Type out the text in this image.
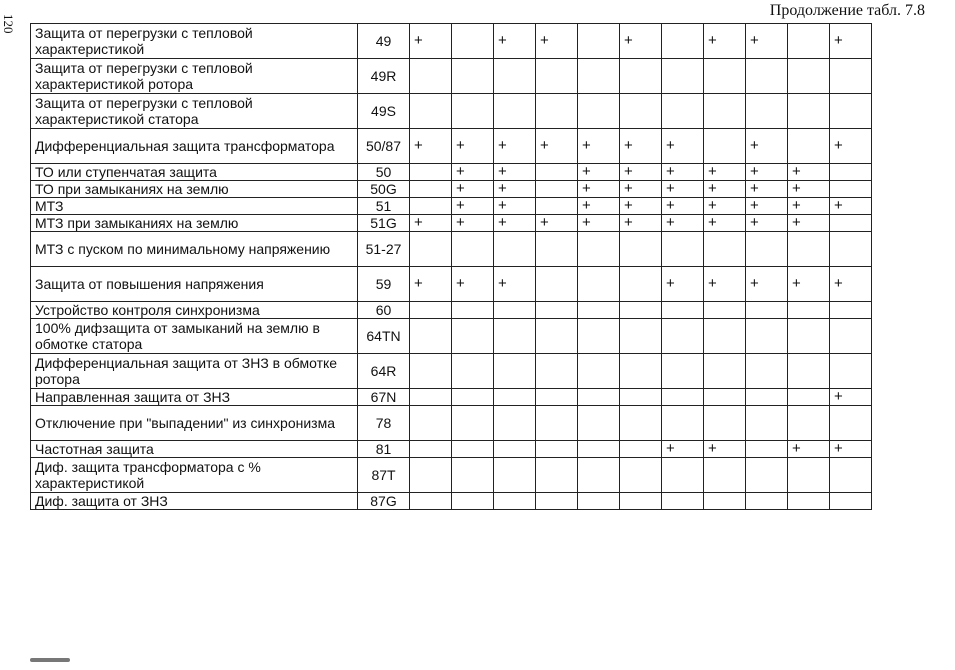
120
Продолжение табл. 7.8
Защита от перегрузки с тепловой характеристикой	49	+		+	+		+		+	+		+
Защита от перегрузки с тепловой характеристикой ротора	49R											
Защита от перегрузки с тепловой характеристикой статора	49S											
Дифференциальная защита трансформатора	50/87	+	+	+	+	+	+	+		+		+
ТО или ступенчатая защита	50		+	+		+	+	+	+	+	+	
ТО при замыканиях на землю	50G		+	+		+	+	+	+	+	+	
МТЗ	51		+	+		+	+	+	+	+	+	+
МТЗ при замыканиях на землю	51G	+	+	+	+	+	+	+	+	+	+	
МТЗ с пуском по минимальному напряжению	51-27											
Защита от повышения напряжения	59	+	+	+				+	+	+	+	+
Устройство контроля синхронизма	60											
100% дифзащита от замыканий на землю в обмотке статора	64TN											
Дифференциальная защита от ЗНЗ в обмотке ротора	64R											
Направленная защита от ЗНЗ	67N											+
Отключение при "выпадении" из синхронизма	78											
Частотная защита	81							+	+		+	+
Диф. защита трансформатора с % характеристикой	87T											
Диф. защита от ЗНЗ	87G											
